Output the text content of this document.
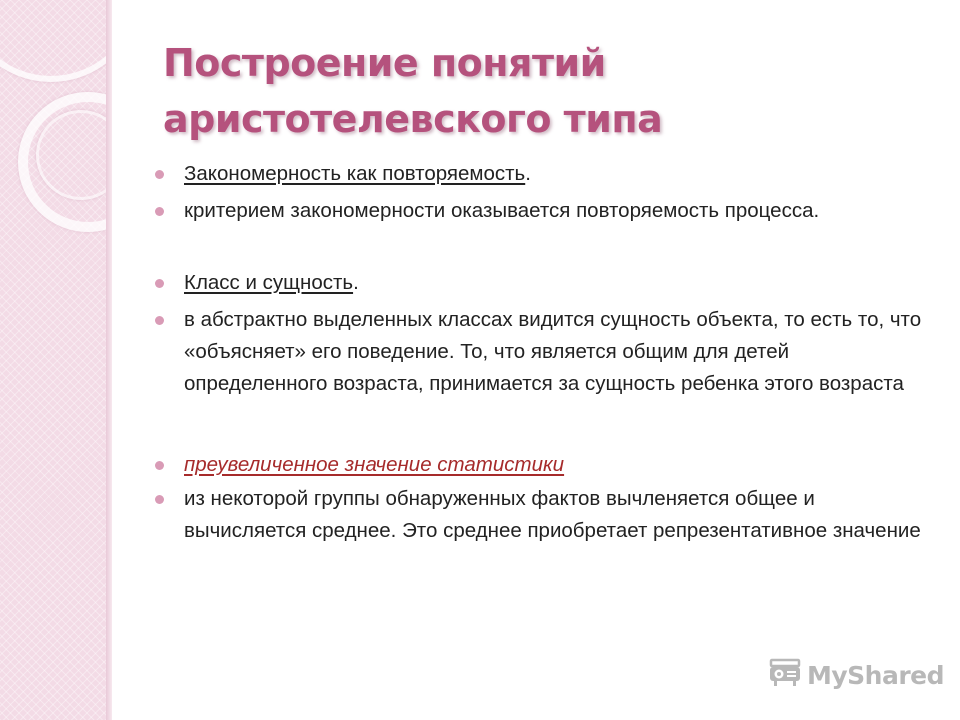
Построение понятий
аристотелевского типа
Закономерность как повторяемость.
критерием закономерности оказывается повторяемость процесса.
Класс и сущность.
в абстрактно выделенных классах видится сущность объекта, то есть то, что «объясняет» его поведение. То, что является общим для детей определенного возраста, принимается за сущность ребенка этого возраста
преувеличенное значение статистики
из некоторой группы обнаруженных фактов вычленяется общее и вычисляется среднее. Это среднее приобретает репрезентативное значение
MyShared
